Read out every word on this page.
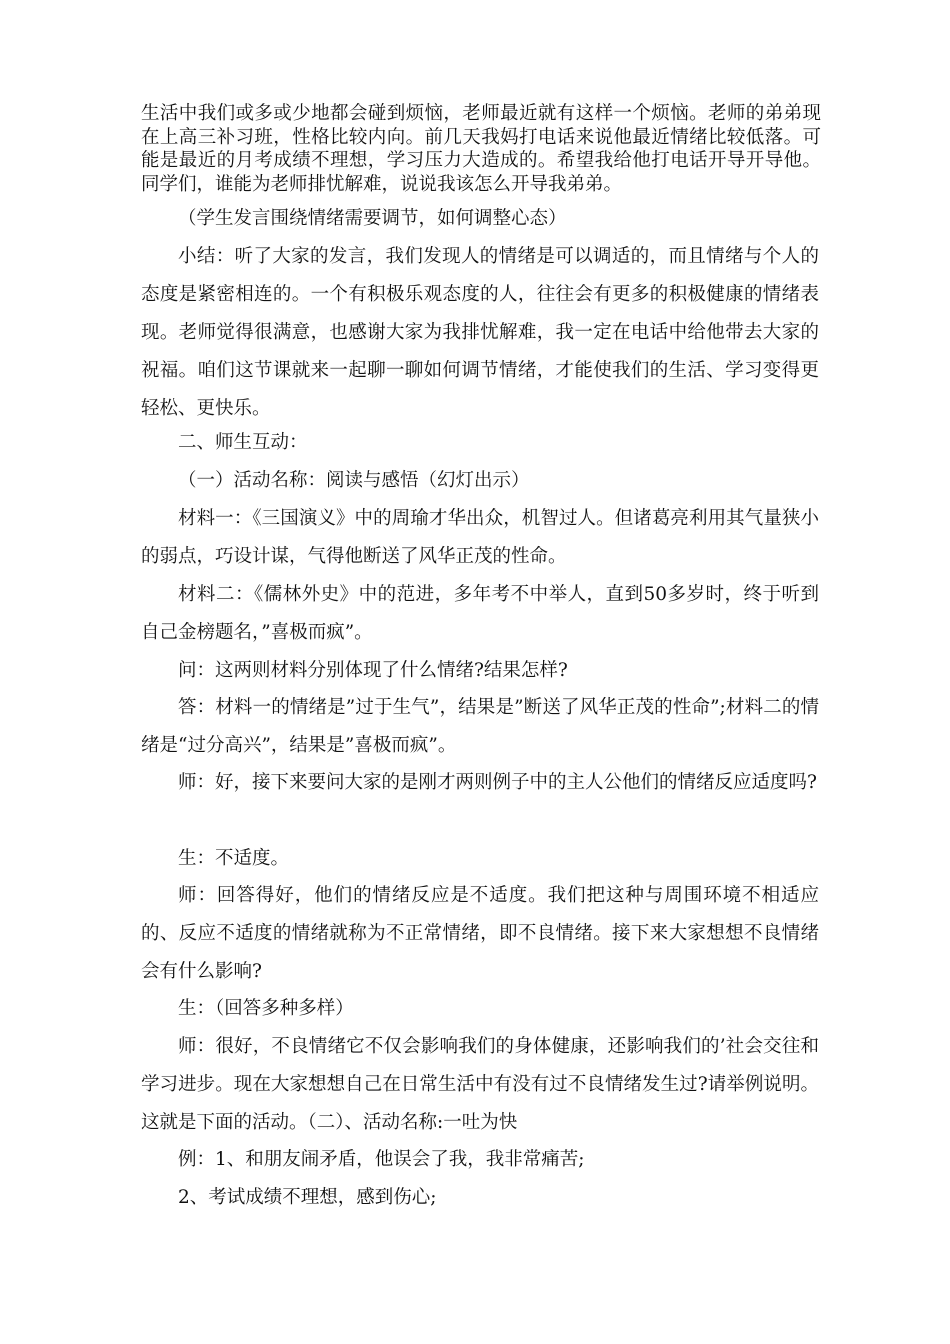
生活中我们或多或少地都会碰到烦恼，老师最近就有这样一个烦恼。老师的弟弟现在上高三补习班，性格比较内向。前几天我妈打电话来说他最近情绪比较低落。可能是最近的月考成绩不理想，学习压力大造成的。希望我给他打电话开导开导他。同学们，谁能为老师排忧解难，说说我该怎么开导我弟弟。

（学生发言围绕情绪需要调节，如何调整心态）

小结：听了大家的发言，我们发现人的情绪是可以调适的，而且情绪与个人的态度是紧密相连的。一个有积极乐观态度的人，往往会有更多的积极健康的情绪表现。老师觉得很满意，也感谢大家为我排忧解难，我一定在电话中给他带去大家的祝福。咱们这节课就来一起聊一聊如何调节情绪，才能使我们的生活、学习变得更轻松、更快乐。

二、师生互动：

（一）活动名称：阅读与感悟（幻灯出示）

材料一：《三国演义》中的周瑜才华出众，机智过人。但诸葛亮利用其气量狭小的弱点，巧设计谋，气得他断送了风华正茂的性命。

材料二：《儒林外史》中的范进，多年考不中举人，直到50多岁时，终于听到自己金榜题名，”喜极而疯”。

问：这两则材料分别体现了什么情绪?结果怎样?

答：材料一的情绪是”过于生气”，结果是”断送了风华正茂的性命”;材料二的情绪是“过分高兴”，结果是”喜极而疯”。

师：好，接下来要问大家的是刚才两则例子中的主人公他们的情绪反应适度吗?

生：不适度。

师：回答得好，他们的情绪反应是不适度。我们把这种与周围环境不相适应的、反应不适度的情绪就称为不正常情绪，即不良情绪。接下来大家想想不良情绪会有什么影响?

生：（回答多种多样）

师：很好，不良情绪它不仅会影响我们的身体健康，还影响我们的’社会交往和学习进步。现在大家想想自己在日常生活中有没有过不良情绪发生过?请举例说明。这就是下面的活动。（二）、活动名称:一吐为快

例：1、和朋友闹矛盾，他误会了我，我非常痛苦;

2、考试成绩不理想，感到伤心;
